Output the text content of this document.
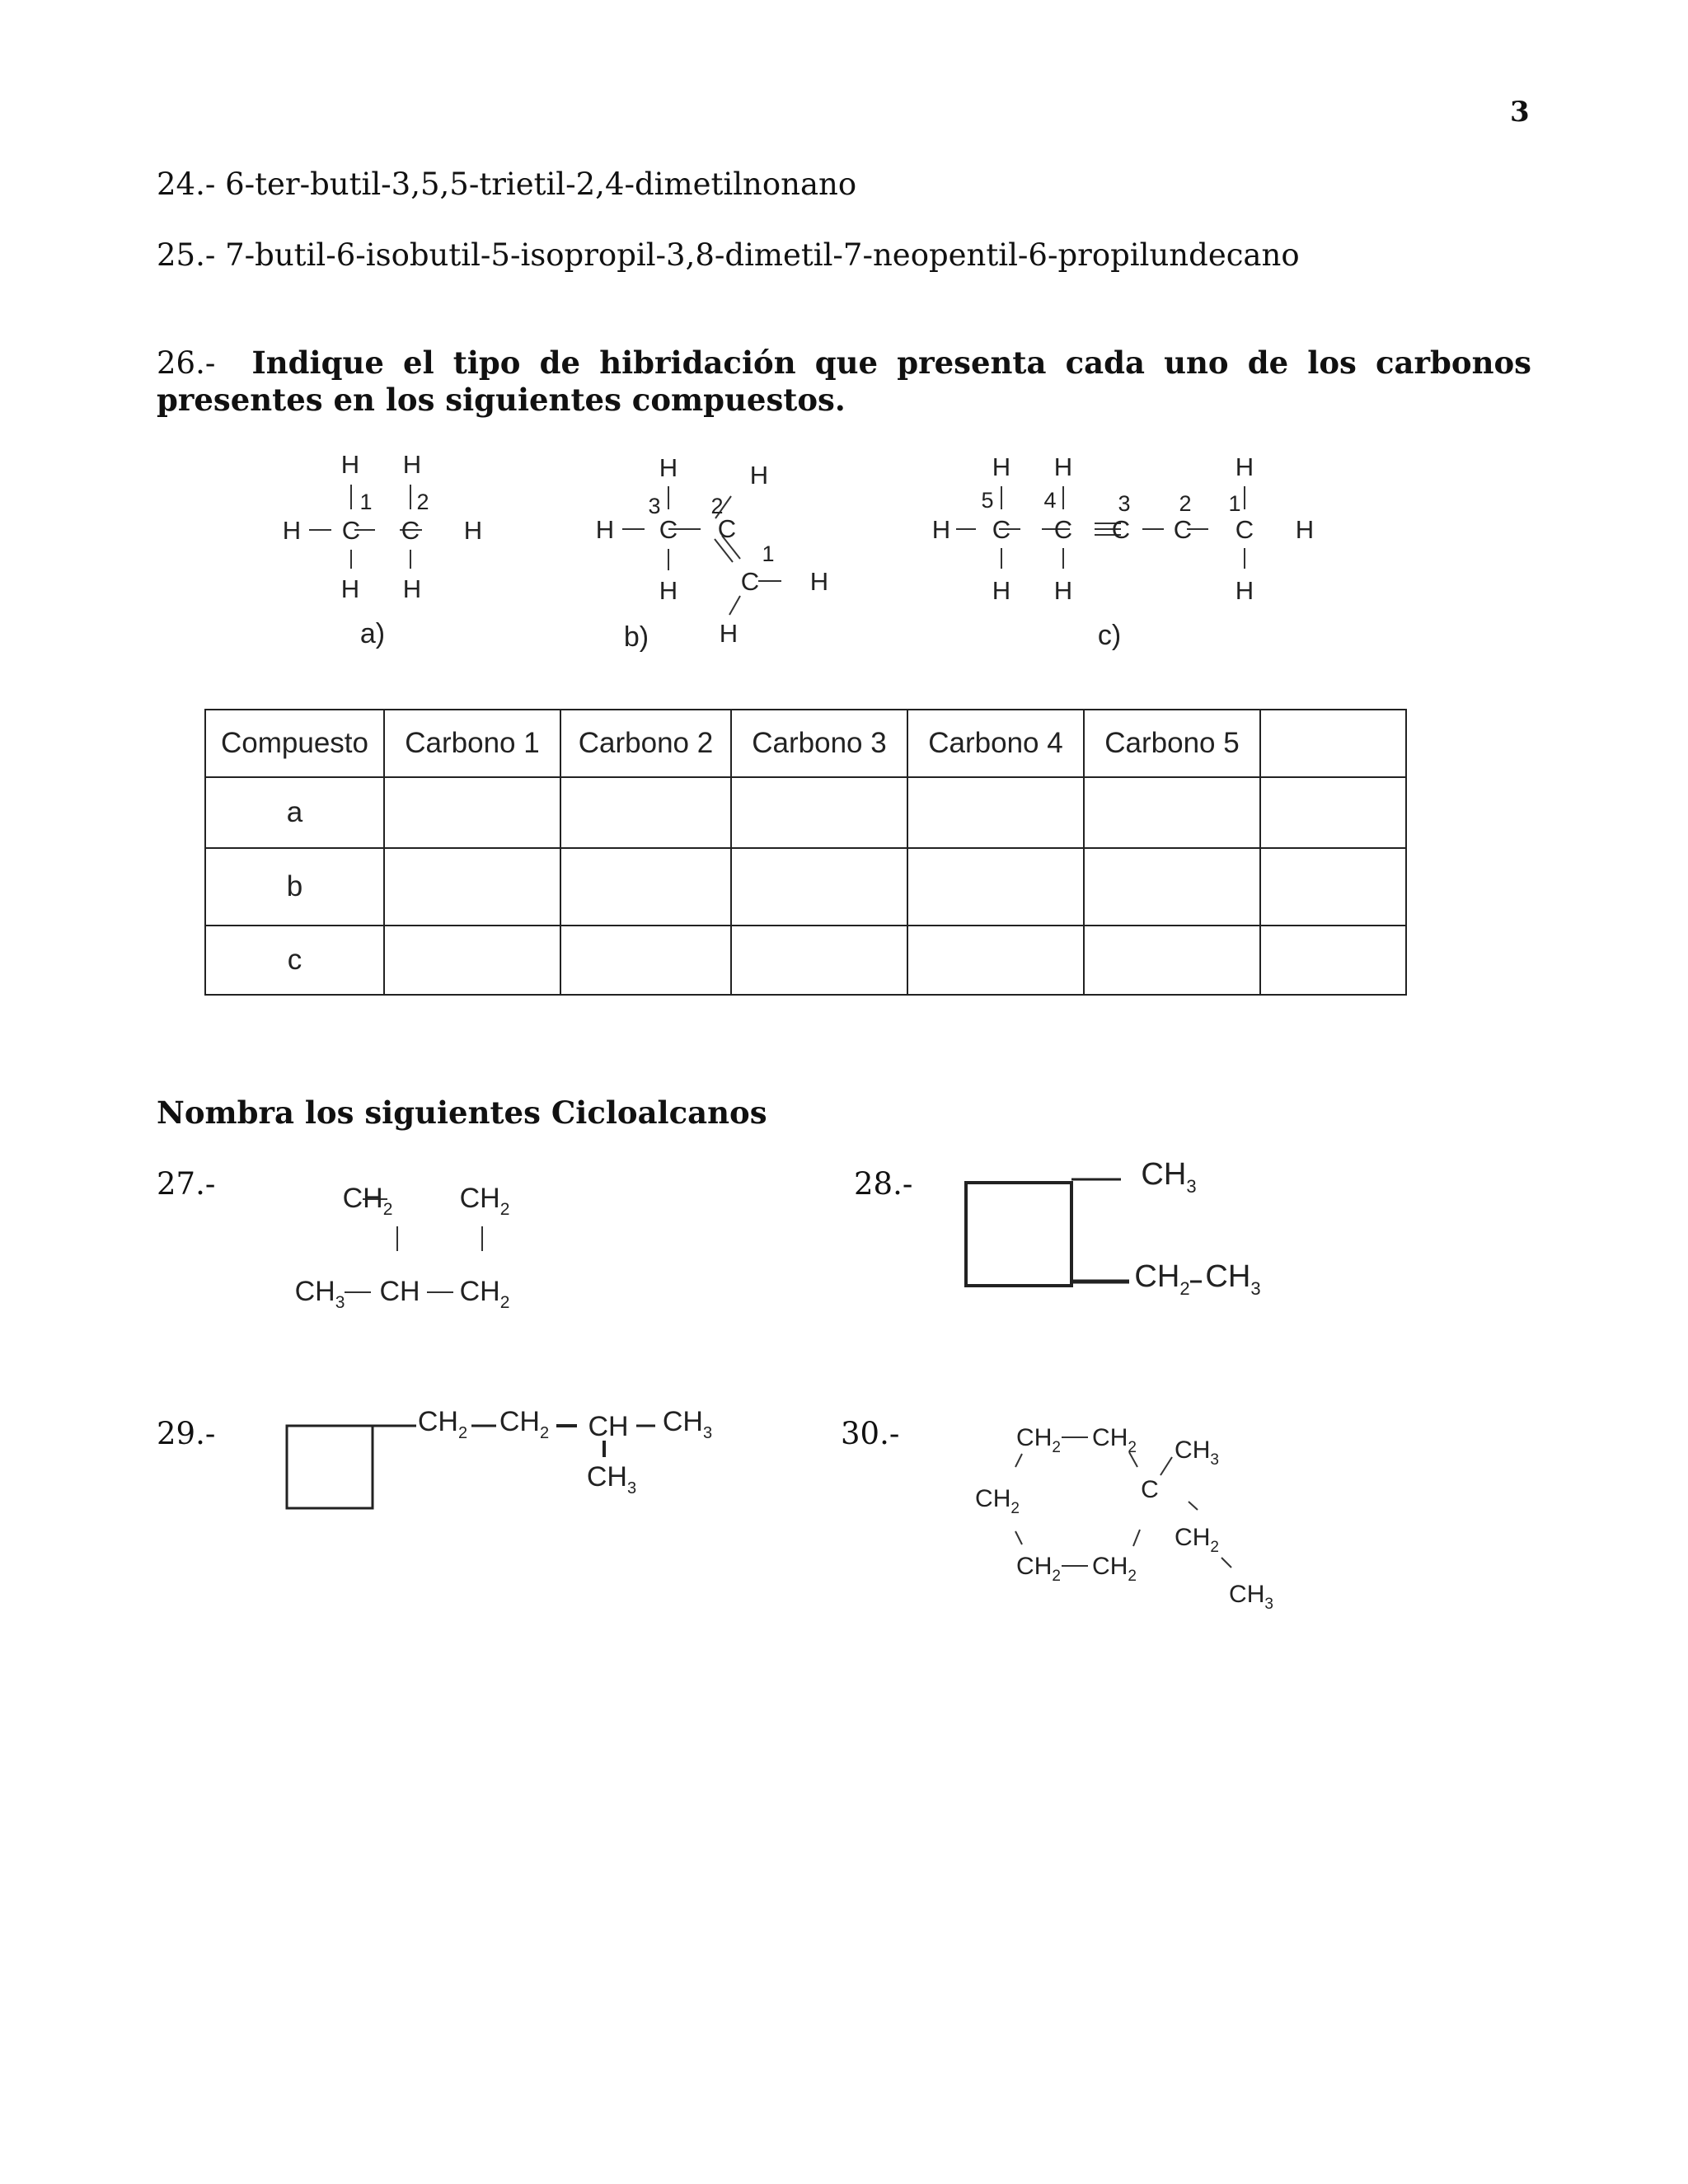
3
24.- 6-ter-butil-3,5,5-trietil-2,4-dimetilnonano
25.- 7-butil-6-isobutil-5-isopropil-3,8-dimetil-7-neopentil-6-propilundecano
26.- Indique el tipo de hibridación que presenta cada uno de los carbonos presentes en los siguientes compuestos.
H H
H C C H
H H
1 2
a)
H	H
H C C
H C H
H
3 2
1
b)
H H	H
H C C C C C H
H H	H
5 4	3 2 1
c)
Compuesto	Carbono 1	Carbono 2	Carbono 3	Carbono 4	Carbono 5	
a						
b						
c						
Nombra los siguientes Cicloalcanos
27.-	$CH_2$ $CH_2$
$CH_3$ CH $CH_2$
28.-	$CH_3$
$CH_2$ $CH_3$
29.-	$CH_2$ $CH_2$ CH $CH_3$
$CH_3$
30.-	$CH_2$ $CH_2$ $CH_3$
$CH_2$
C
$CH_2$
$CH_2$ $CH_2$
$CH_3$
